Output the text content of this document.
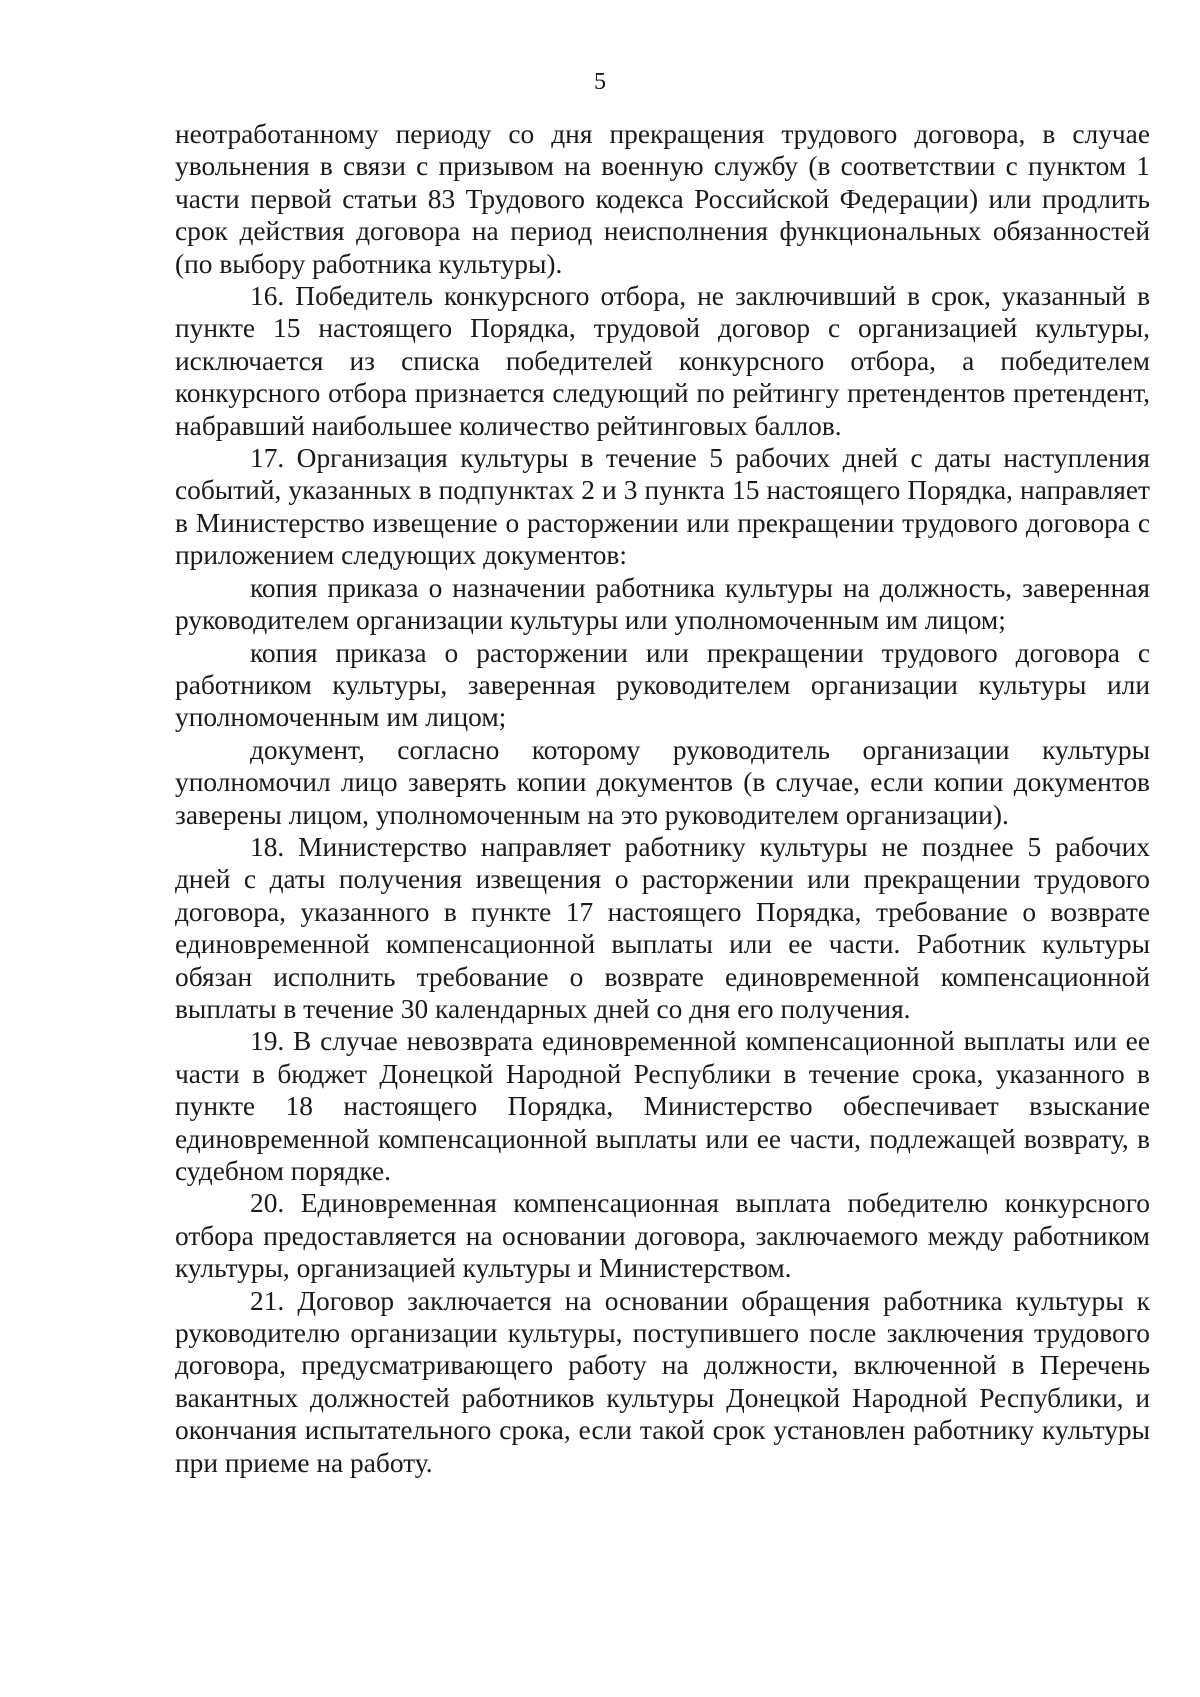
5

неотработанному периоду со дня прекращения трудового договора, в случае увольнения в связи с призывом на военную службу (в соответствии с пунктом 1 части первой статьи 83 Трудового кодекса Российской Федерации) или продлить срок действия договора на период неисполнения функциональных обязанностей (по выбору работника культуры).

16. Победитель конкурсного отбора, не заключивший в срок, указанный в пункте 15 настоящего Порядка, трудовой договор с организацией культуры, исключается из списка победителей конкурсного отбора, а победителем конкурсного отбора признается следующий по рейтингу претендентов претендент, набравший наибольшее количество рейтинговых баллов.

17. Организация культуры в течение 5 рабочих дней с даты наступления событий, указанных в подпунктах 2 и 3 пункта 15 настоящего Порядка, направляет в Министерство извещение о расторжении или прекращении трудового договора с приложением следующих документов:

копия приказа о назначении работника культуры на должность, заверенная руководителем организации культуры или уполномоченным им лицом;

копия приказа о расторжении или прекращении трудового договора с работником культуры, заверенная руководителем организации культуры или уполномоченным им лицом;

документ, согласно которому руководитель организации культуры уполномочил лицо заверять копии документов (в случае, если копии документов заверены лицом, уполномоченным на это руководителем организации).

18. Министерство направляет работнику культуры не позднее 5 рабочих дней с даты получения извещения о расторжении или прекращении трудового договора, указанного в пункте 17 настоящего Порядка, требование о возврате единовременной компенсационной выплаты или ее части. Работник культуры обязан исполнить требование о возврате единовременной компенсационной выплаты в течение 30 календарных дней со дня его получения.

19. В случае невозврата единовременной компенсационной выплаты или ее части в бюджет Донецкой Народной Республики в течение срока, указанного в пункте 18 настоящего Порядка, Министерство обеспечивает взыскание единовременной компенсационной выплаты или ее части, подлежащей возврату, в судебном порядке.

20. Единовременная компенсационная выплата победителю конкурсного отбора предоставляется на основании договора, заключаемого между работником культуры, организацией культуры и Министерством.

21. Договор заключается на основании обращения работника культуры к руководителю организации культуры, поступившего после заключения трудового договора, предусматривающего работу на должности, включенной в Перечень вакантных должностей работников культуры Донецкой Народной Республики, и окончания испытательного срока, если такой срок установлен работнику культуры при приеме на работу.
